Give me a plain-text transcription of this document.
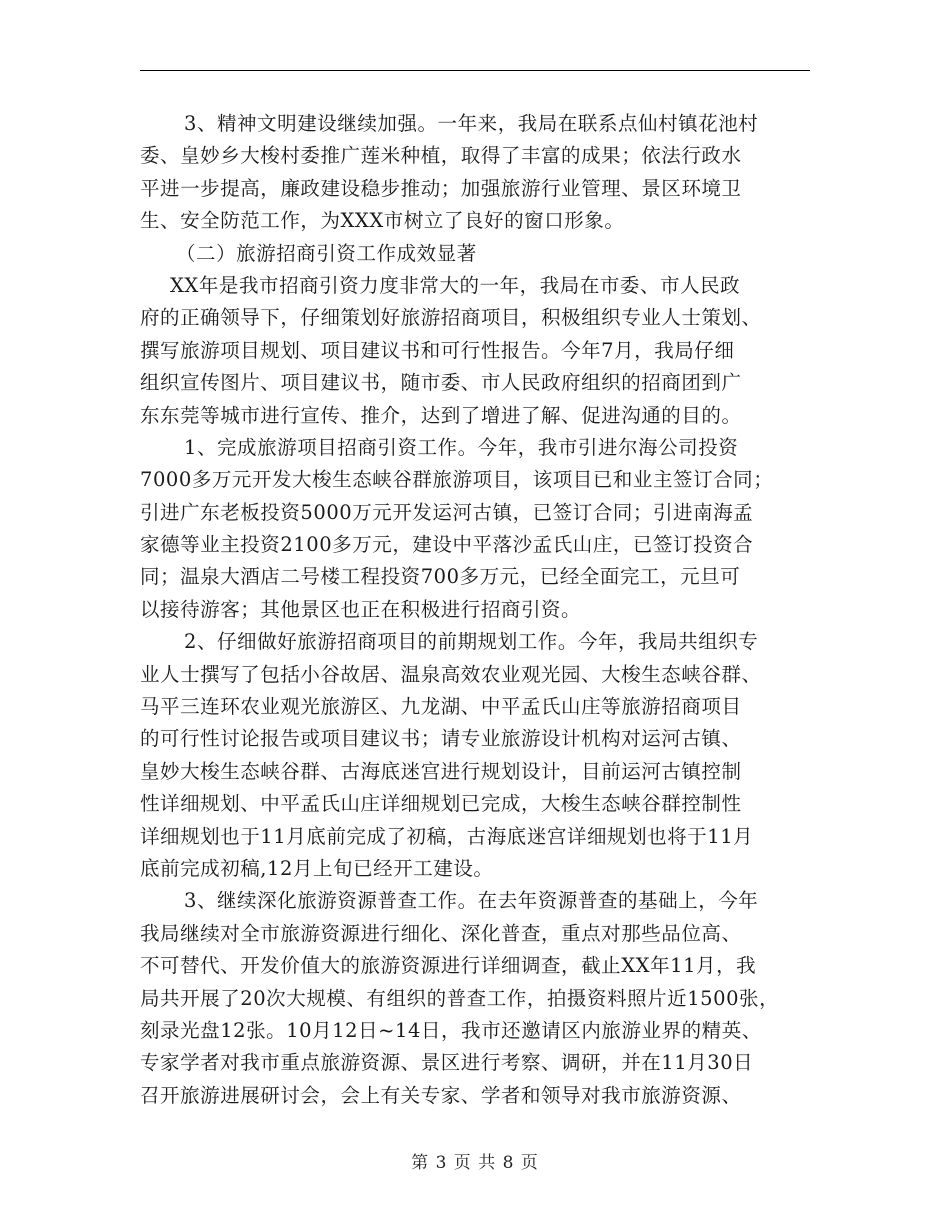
3、精神文明建设继续加强。一年来，我局在联系点仙村镇花池村
委、皇妙乡大梭村委推广莲米种植，取得了丰富的成果；依法行政水
平进一步提高，廉政建设稳步推动；加强旅游行业管理、景区环境卫
生、安全防范工作，为XXX市树立了良好的窗口形象。
（二）旅游招商引资工作成效显著
XX年是我市招商引资力度非常大的一年，我局在市委、市人民政
府的正确领导下，仔细策划好旅游招商项目，积极组织专业人士策划、
撰写旅游项目规划、项目建议书和可行性报告。今年7月，我局仔细
组织宣传图片、项目建议书，随市委、市人民政府组织的招商团到广
东东莞等城市进行宣传、推介，达到了增进了解、促进沟通的目的。
1、完成旅游项目招商引资工作。今年，我市引进尔海公司投资
7000多万元开发大梭生态峡谷群旅游项目，该项目已和业主签订合同；
引进广东老板投资5000万元开发运河古镇，已签订合同；引进南海孟
家德等业主投资2100多万元，建设中平落沙孟氏山庄，已签订投资合
同；温泉大酒店二号楼工程投资700多万元，已经全面完工，元旦可
以接待游客；其他景区也正在积极进行招商引资。
2、仔细做好旅游招商项目的前期规划工作。今年，我局共组织专
业人士撰写了包括小谷故居、温泉高效农业观光园、大梭生态峡谷群、
马平三连环农业观光旅游区、九龙湖、中平孟氏山庄等旅游招商项目
的可行性讨论报告或项目建议书；请专业旅游设计机构对运河古镇、
皇妙大梭生态峡谷群、古海底迷宫进行规划设计，目前运河古镇控制
性详细规划、中平孟氏山庄详细规划已完成，大梭生态峡谷群控制性
详细规划也于11月底前完成了初稿，古海底迷宫详细规划也将于11月
底前完成初稿,12月上旬已经开工建设。
3、继续深化旅游资源普查工作。在去年资源普查的基础上，今年
我局继续对全市旅游资源进行细化、深化普查，重点对那些品位高、
不可替代、开发价值大的旅游资源进行详细调查，截止XX年11月，我
局共开展了20次大规模、有组织的普查工作，拍摄资料照片近1500张，
刻录光盘12张。10月12日~14日，我市还邀请区内旅游业界的精英、
专家学者对我市重点旅游资源、景区进行考察、调研，并在11月30日
召开旅游进展研讨会，会上有关专家、学者和领导对我市旅游资源、
第 3 页 共 8 页
